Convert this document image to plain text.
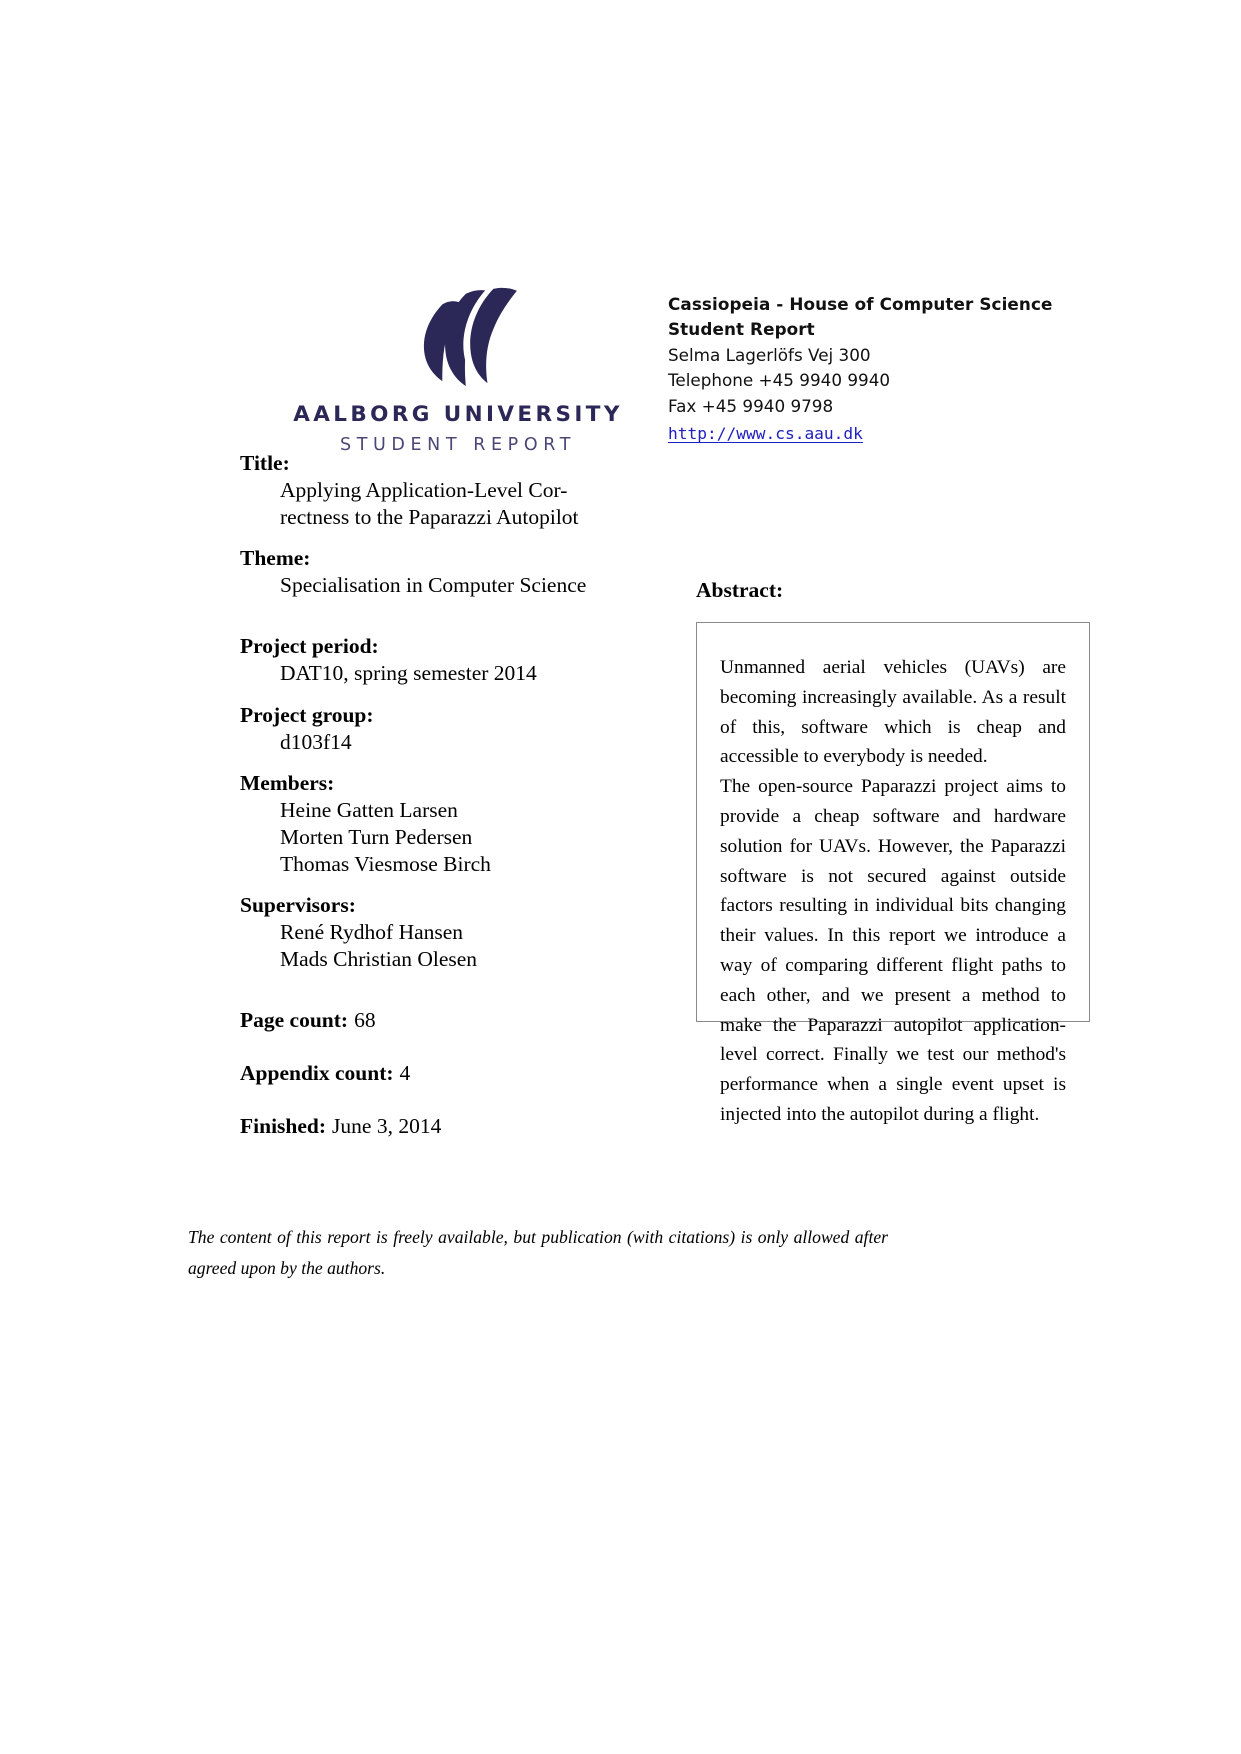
AALBORG UNIVERSITY
STUDENT REPORT
Cassiopeia - House of Computer Science
Student Report
Selma Lagerlöfs Vej 300
Telephone +45 9940 9940
Fax +45 9940 9798
http://www.cs.aau.dk
Title:
Applying Application-Level Cor-
rectness to the Paparazzi Autopilot
Theme:
Specialisation in Computer Science
Project period:
DAT10, spring semester 2014
Project group:
d103f14
Members:
Heine Gatten Larsen
Morten Turn Pedersen
Thomas Viesmose Birch
Supervisors:
René Rydhof Hansen
Mads Christian Olesen
Page count: 68
Appendix count: 4
Finished: June 3, 2014
The content of this report is freely available, but publication (with citations) is only allowed after agreed upon by the authors.
Abstract:

Unmanned aerial vehicles (UAVs) are becoming increasingly available. As a result of this, software which is cheap and accessible to everybody is needed.

The open-source Paparazzi project aims to provide a cheap software and hardware solution for UAVs. However, the Paparazzi software is not secured against outside factors resulting in individual bits changing their values. In this report we introduce a way of comparing different flight paths to each other, and we present a method to make the Paparazzi autopilot application-level correct. Finally we test our method's performance when a single event upset is injected into the autopilot during a flight.
